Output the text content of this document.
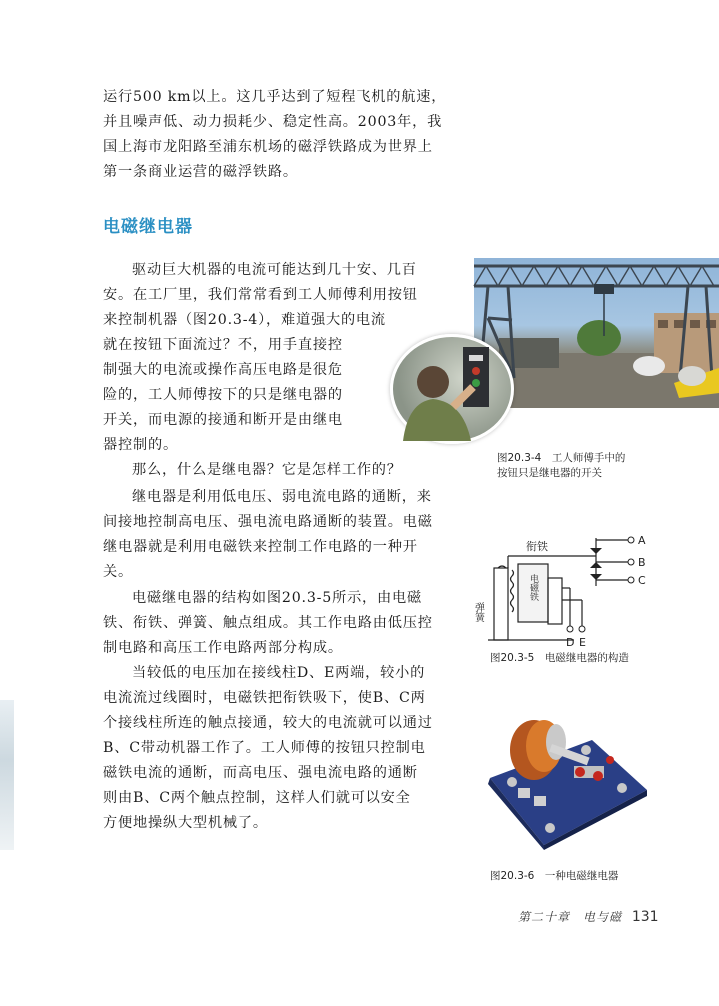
运行500 km以上。这几乎达到了短程飞机的航速，
并且噪声低、动力损耗少、稳定性高。2003年，我
国上海市龙阳路至浦东机场的磁浮铁路成为世界上
第一条商业运营的磁浮铁路。
电磁继电器
驱动巨大机器的电流可能达到几十安、几百
安。在工厂里，我们常常看到工人师傅利用按钮
来控制机器（图20.3-4），难道强大的电流
就在按钮下面流过？不，用手直接控
制强大的电流或操作高压电路是很危
险的，工人师傅按下的只是继电器的
开关，而电源的接通和断开是由继电
器控制的。
那么，什么是继电器？它是怎样工作的？
继电器是利用低电压、弱电流电路的通断，来
间接地控制高电压、强电流电路通断的装置。电磁
继电器就是利用电磁铁来控制工作电路的一种开
关。
电磁继电器的结构如图20.3-5所示，由电磁
铁、衔铁、弹簧、触点组成。其工作电路由低压控
制电路和高压工作电路两部分构成。
当较低的电压加在接线柱D、E两端，较小的
电流流过线圈时，电磁铁把衔铁吸下，使B、C两
个接线柱所连的触点接通，较大的电流就可以通过
B、C带动机器工作了。工人师傅的按钮只控制电
磁铁电流的通断，而高电压、强电流电路的通断
则由B、C两个触点控制，这样人们就可以安全
方便地操纵大型机械了。
图20.3-4　工人师傅手中的
按钮只是继电器的开关
衔铁	A
B
C
D E
弹簧
电磁铁
图20.3-5　电磁继电器的构造
图20.3-6　一种电磁继电器
第二十章　电与磁 131
